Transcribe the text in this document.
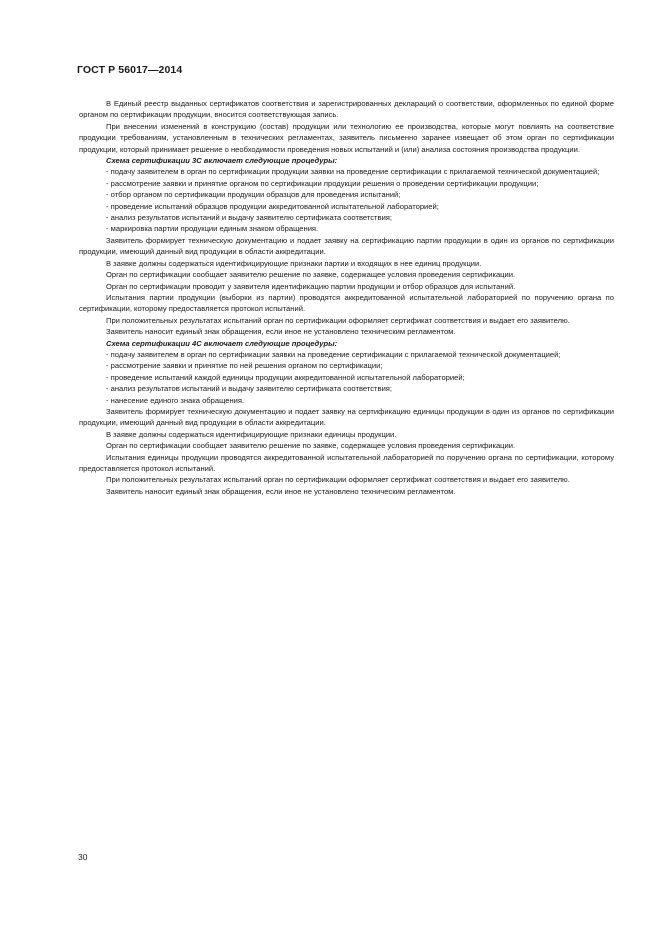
ГОСТ Р 56017—2014

В Единый реестр выданных сертификатов соответствия и зарегистрированных деклараций о соответствии, оформленных по единой форме органом по сертификации продукции, вносится соответствующая запись.

При внесении изменений в конструкцию (состав) продукции или технологию ее производства, которые могут повлиять на соответствие продукции требованиям, установленным в технических регламентах, заявитель письменно заранее извещает об этом орган по сертификации продукции, который принимает решение о необходимости проведения новых испытаний и (или) анализа состояния производства продукции.

Схема сертификации 3С включает следующие процедуры:

- подачу заявителем в орган по сертификации продукции заявки на проведение сертификации с прилагаемой технической документацией;

- рассмотрение заявки и принятие органом по сертификации продукции решения о проведении сертификации продукции;

- отбор органом по сертификации продукции образцов для проведения испытаний;

- проведение испытаний образцов продукции аккредитованной испытательной лабораторией;

- анализ результатов испытаний и выдачу заявителю сертификата соответствия;

- маркировка партии продукции единым знаком обращения.

Заявитель формирует техническую документацию и подает заявку на сертификацию партии продукции в один из органов по сертификации продукции, имеющий данный вид продукции в области аккредитации.

В заявке должны содержаться идентифицирующие признаки партии и входящих в нее единиц продукции.

Орган по сертификации сообщает заявителю решение по заявке, содержащее условия проведения сертификации.

Орган по сертификации проводит у заявителя идентификацию партии продукции и отбор образцов для испытаний.

Испытания партии продукции (выборки из партии) проводятся аккредитованной испытательной лабораторией по поручению органа по сертификации, которому предоставляется протокол испытаний.

При положительных результатах испытаний орган по сертификации оформляет сертификат соответствия и выдает его заявителю.

Заявитель наносит единый знак обращения, если иное не установлено техническим регламентом.

Схема сертификации 4С включает следующие процедуры:

- подачу заявителем в орган по сертификации заявки на проведение сертификации с прилагаемой технической документацией;

- рассмотрение заявки и принятие по ней решения органом по сертификации;

- проведение испытаний каждой единицы продукции аккредитованной испытательной лабораторией;

- анализ результатов испытаний и выдачу заявителю сертификата соответствия;

- нанесение единого знака обращения.

Заявитель формирует техническую документацию и подает заявку на сертификацию единицы продукции в один из органов по сертификации продукции, имеющий данный вид продукции в области аккредитации.

В заявке должны содержаться идентифицирующие признаки единицы продукции.

Орган по сертификации сообщает заявителю решение по заявке, содержащее условия проведения сертификации.

Испытания единицы продукции проводятся аккредитованной испытательной лабораторией по поручению органа по сертификации, которому предоставляется протокол испытаний.

При положительных результатах испытаний орган по сертификации оформляет сертификат соответствия и выдает его заявителю.

Заявитель наносит единый знак обращения, если иное не установлено техническим регламентом.

30
